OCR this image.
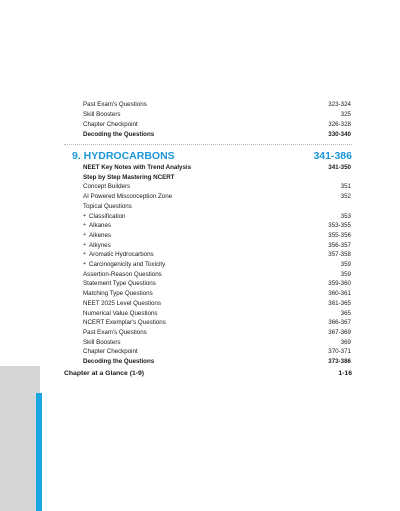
Past Exam's Questions	323-324
Skill Boosters	325
Chapter Checkpoint	326-328
Decoding the Questions	330-340
9. HYDROCARBONS	341-386
NEET Key Notes with Trend Analysis	341-350
Step by Step Mastering NCERT
Concept Builders	351
AI Powered Misconception Zone	352
Topical Questions
+ Classification	353
+ Alkanes	353-355
+ Alkenes	355-356
+ Alkynes	356-357
+ Aromatic Hydrocarbons	357-358
+ Carcinogenicity and Toxicity	359
Assertion-Reason Questions	359
Statement Type Questions	359-360
Matching Type Questions	360-361
NEET 2025 Level Questions	361-365
Numerical Value Questions	365
NCERT Exemplar's Questions	366-367
Past Exam's Questions	367-369
Skill Boosters	369
Chapter Checkpoint	370-371
Decoding the Questions	373-386
Chapter at a Glance (1-9)	1-16
